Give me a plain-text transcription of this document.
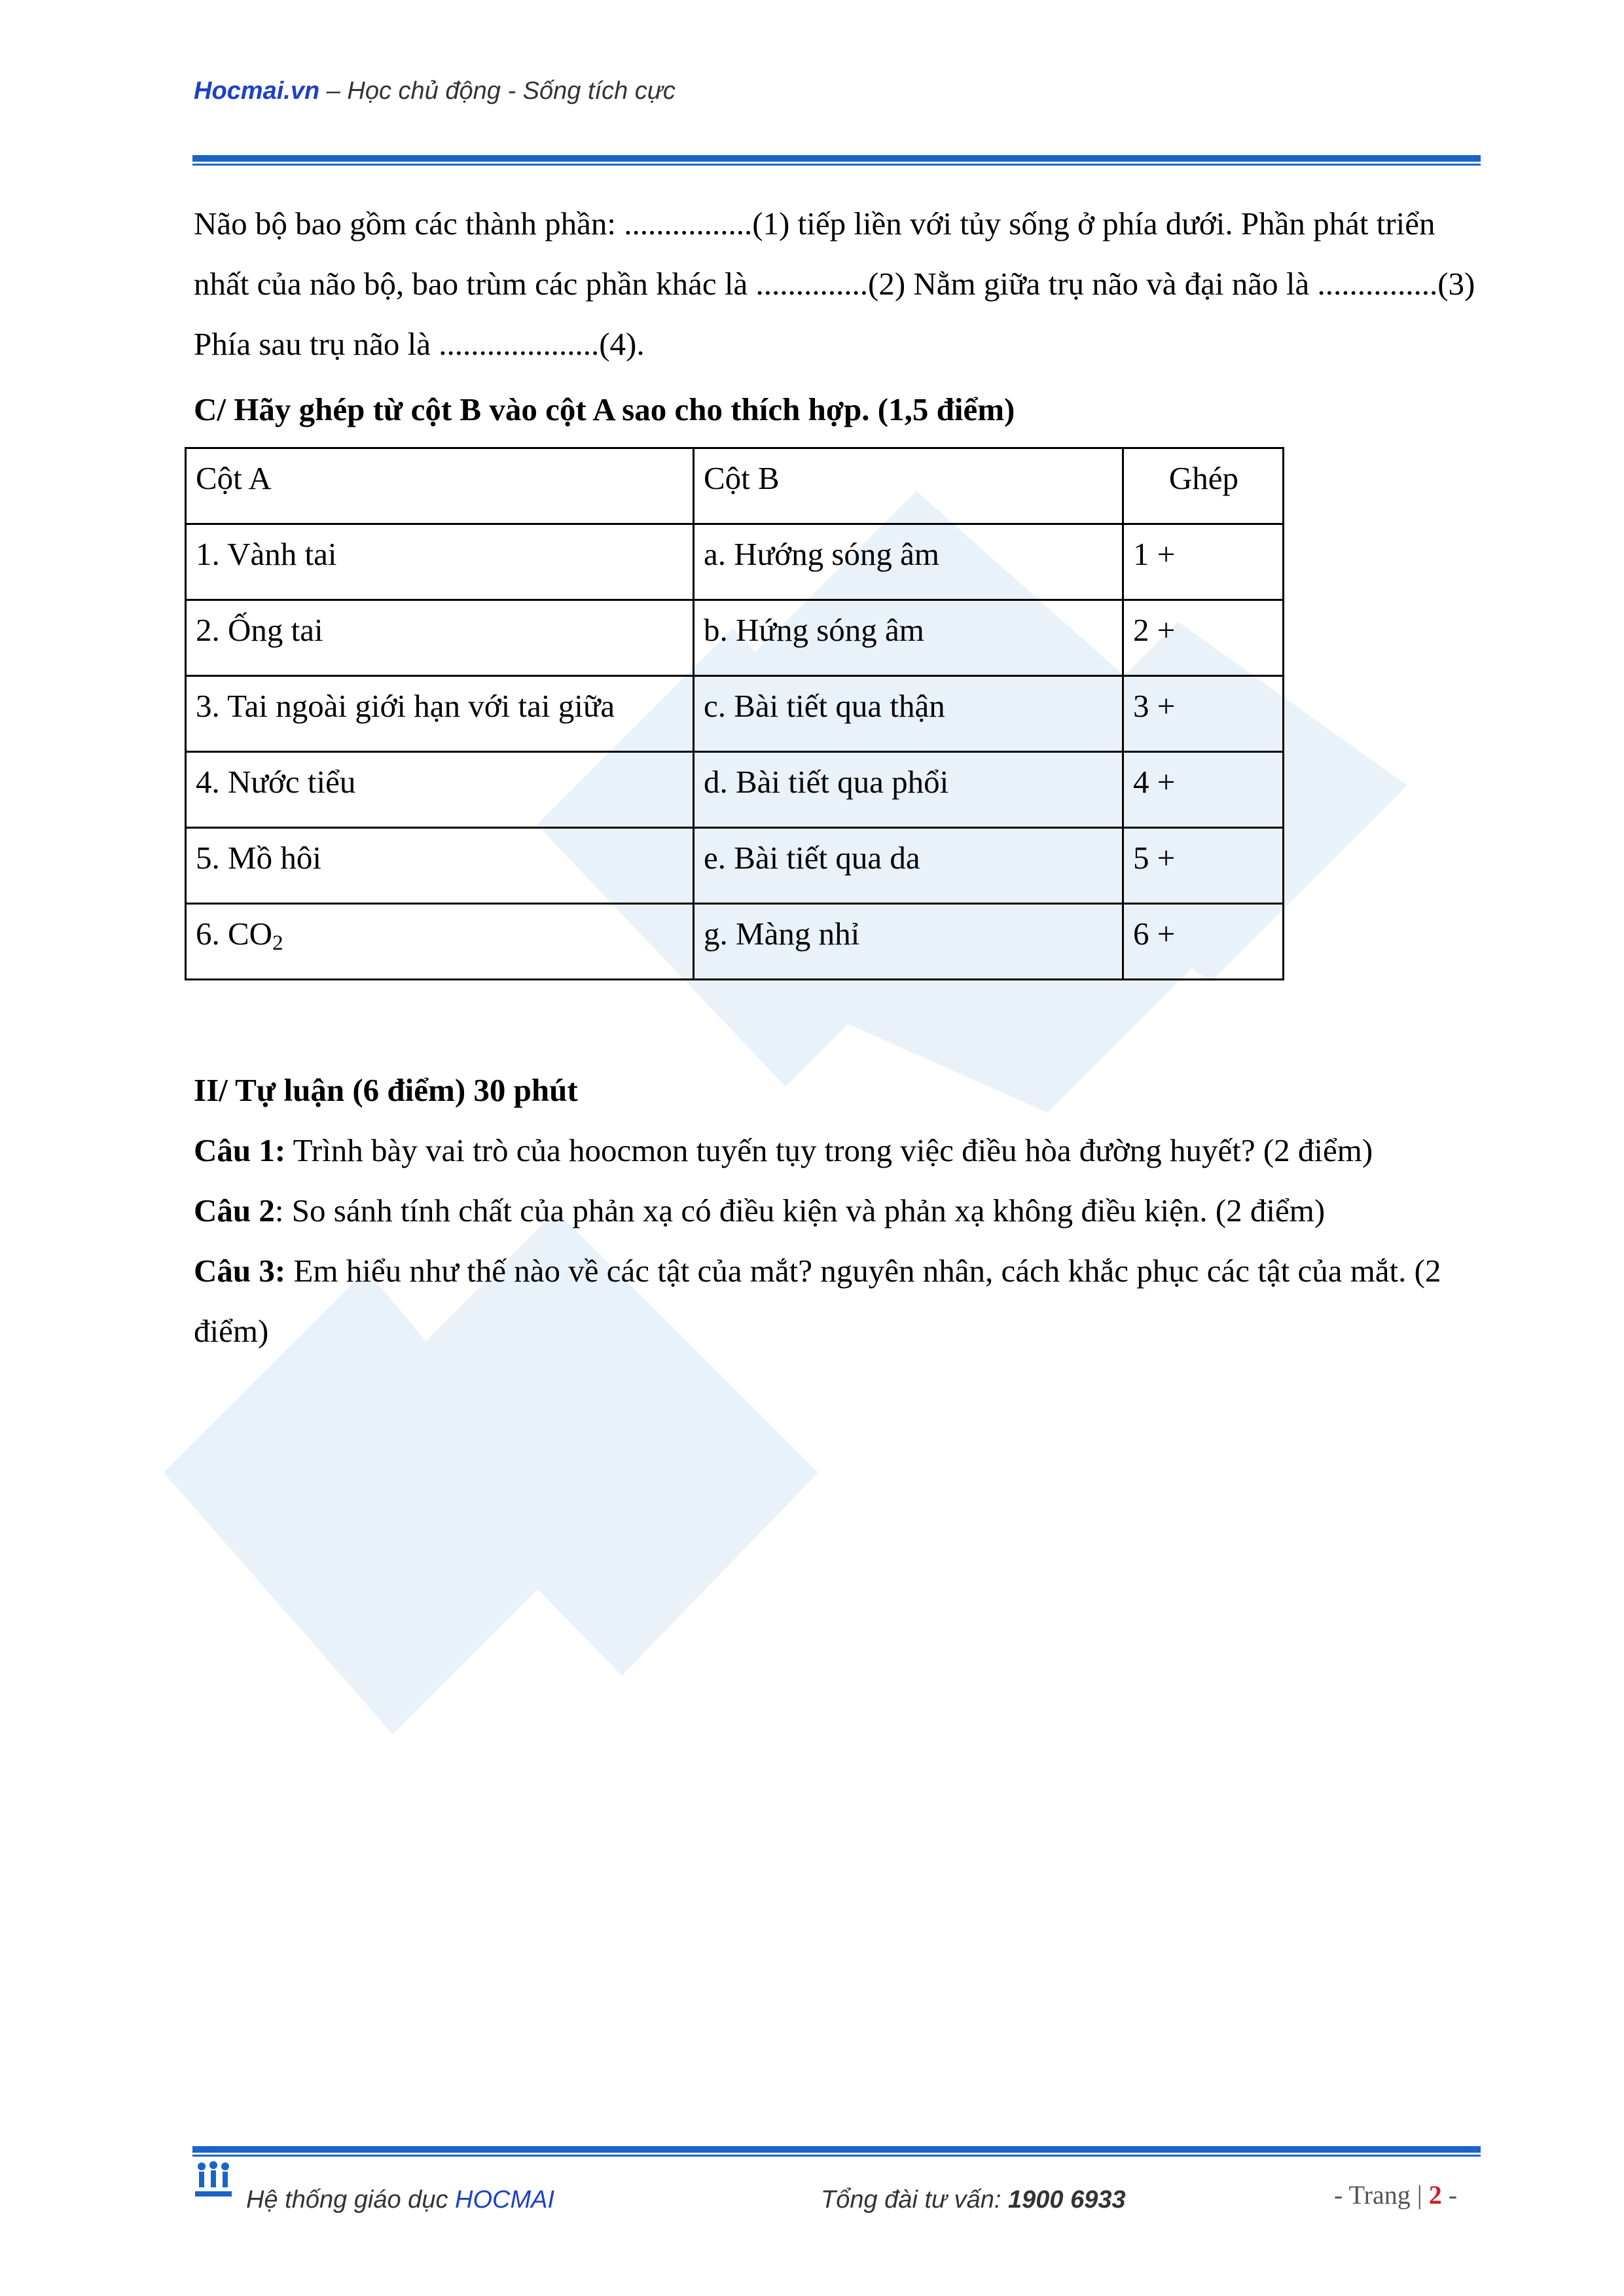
Hocmai.vn – Học chủ động - Sống tích cực
Não bộ bao gồm các thành phần: ................(1) tiếp liền với tủy sống ở phía dưới. Phần phát triển nhất của não bộ, bao trùm các phần khác là ..............(2) Nằm giữa trụ não và đại não là ...............(3) Phía sau trụ não là ....................(4).
C/ Hãy ghép từ cột B vào cột A sao cho thích hợp. (1,5 điểm)
Cột A	Cột B	Ghép
1. Vành tai	a. Hướng sóng âm	1 +
2. Ống tai	b. Hứng sóng âm	2 +
3. Tai ngoài giới hạn với tai giữa	c. Bài tiết qua thận	3 +
4. Nước tiểu	d. Bài tiết qua phổi	4 +
5. Mồ hôi	e. Bài tiết qua da	5 +
6. $CO_2$	g. Màng nhỉ	6 +
II/ Tự luận (6 điểm) 30 phút
Câu 1: Trình bày vai trò của hoocmon tuyến tụy trong việc điều hòa đường huyết? (2 điểm)
Câu 2: So sánh tính chất của phản xạ có điều kiện và phản xạ không điều kiện. (2 điểm)
Câu 3: Em hiểu như thế nào về các tật của mắt? nguyên nhân, cách khắc phục các tật của mắt. (2 điểm)
Hệ thống giáo dục HOCMAI	Tổng đài tư vấn: 1900 6933	- Trang | 2 -
